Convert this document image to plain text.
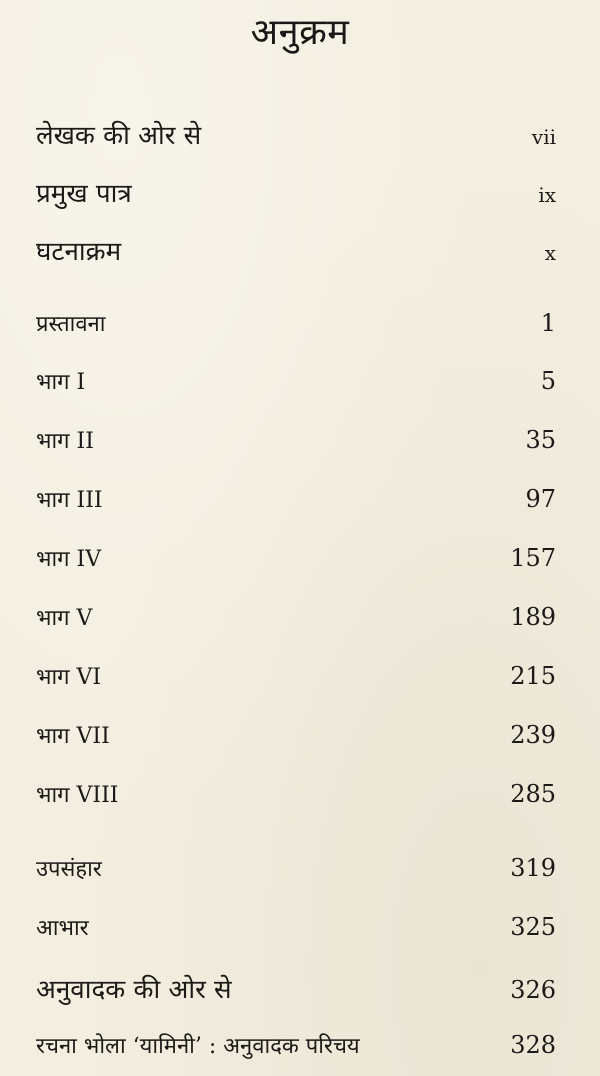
अनुक्रम
लेखक की ओर से	vii
प्रमुख पात्र	ix
घटनाक्रम	x
प्रस्तावना	1
भाग I	5
भाग II	35
भाग III	97
भाग IV	157
भाग V	189
भाग VI	215
भाग VII	239
भाग VIII	285
उपसंहार	319
आभार	325
अनुवादक की ओर से	326
रचना भोला ‘यामिनी’ : अनुवादक परिचय	328
